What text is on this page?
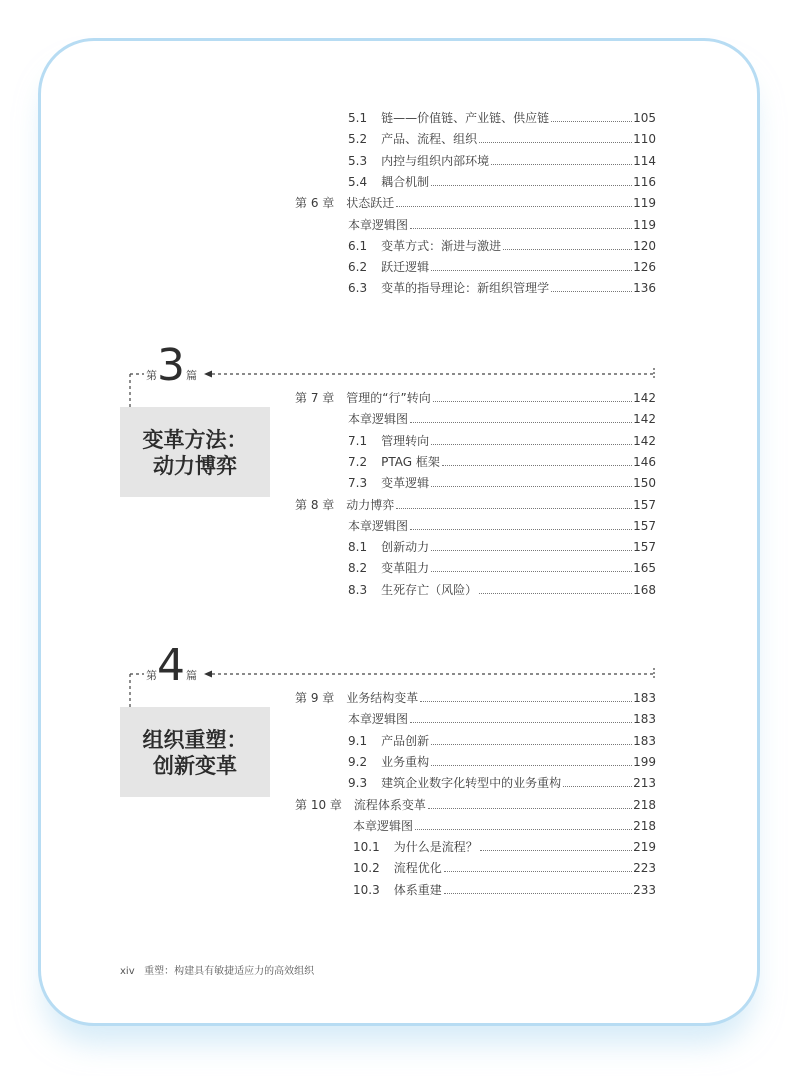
5.1 链——价值链、产业链、供应链	105
5.2 产品、流程、组织	110
5.3 内控与组织内部环境	114
5.4 耦合机制	116
第 6 章 状态跃迁	119
本章逻辑图	119
6.1 变革方式：渐进与激进	120
6.2 跃迁逻辑	126
6.3 变革的指导理论：新组织管理学	136
第 7 章 管理的“行”转向	142
本章逻辑图	142
7.1 管理转向	142
7.2 PTAG 框架	146
7.3 变革逻辑	150
第 8 章 动力博弈	157
本章逻辑图	157
8.1 创新动力	157
8.2 变革阻力	165
8.3 生死存亡（风险）	168
第 9 章 业务结构变革	183
本章逻辑图	183
9.1 产品创新	183
9.2 业务重构	199
9.3 建筑企业数字化转型中的业务重构	213
第 10 章 流程体系变革	218
本章逻辑图	218
10.1 为什么是流程？	219
10.2 流程优化	223
10.3 体系重建	233
第 3 篇
变革方法：
动力博弈
第 4 篇
组织重塑：
创新变革
xiv 重塑：构建具有敏捷适应力的高效组织
